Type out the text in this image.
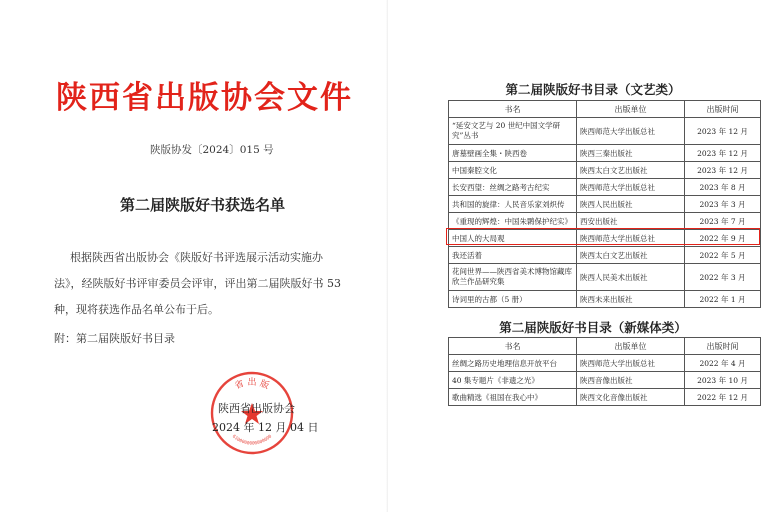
陕西省出版协会文件
陕版协发〔2024〕015 号
第二届陕版好书获选名单
根据陕西省出版协会《陕版好书评选展示活动实施办
法》，经陕版好书评审委员会评审，评出第二届陕版好书 53
种，现将获选作品名单公布于后。
附：第二届陕版好书目录
省 出 版
6100000000000000
陕西省出版协会
2024 年 12 月 04 日
第二届陕版好书目录（文艺类）
书名	出版单位	出版时间
“延安文艺与 20 世纪中国文学研究”丛书	陕西师范大学出版总社	2023 年 12 月
唐墓壁画全集・陕西卷	陕西三秦出版社	2023 年 12 月
中国秦腔文化	陕西太白文艺出版社	2023 年 12 月
长安西望：丝绸之路考古纪实	陕西师范大学出版总社	2023 年 8 月
共和国的旋律：人民音乐家刘炽传	陕西人民出版社	2023 年 3 月
《重现的辉煌：中国朱鹮保护纪实》	西安出版社	2023 年 7 月
中国人的大局观	陕西师范大学出版总社	2022 年 9 月
我还活着	陕西太白文艺出版社	2022 年 5 月
花间世界——陕西省美术博物馆藏库欣兰作品研究集	陕西人民美术出版社	2022 年 3 月
诗词里的古都（5 册）	陕西未来出版社	2022 年 1 月
第二届陕版好书目录（新媒体类）
书名	出版单位	出版时间
丝绸之路历史地理信息开放平台	陕西师范大学出版总社	2022 年 4 月
40 集专题片《非遗之光》	陕西音像出版社	2023 年 10 月
歌曲精选《祖国在我心中》	陕西文化音像出版社	2022 年 12 月
